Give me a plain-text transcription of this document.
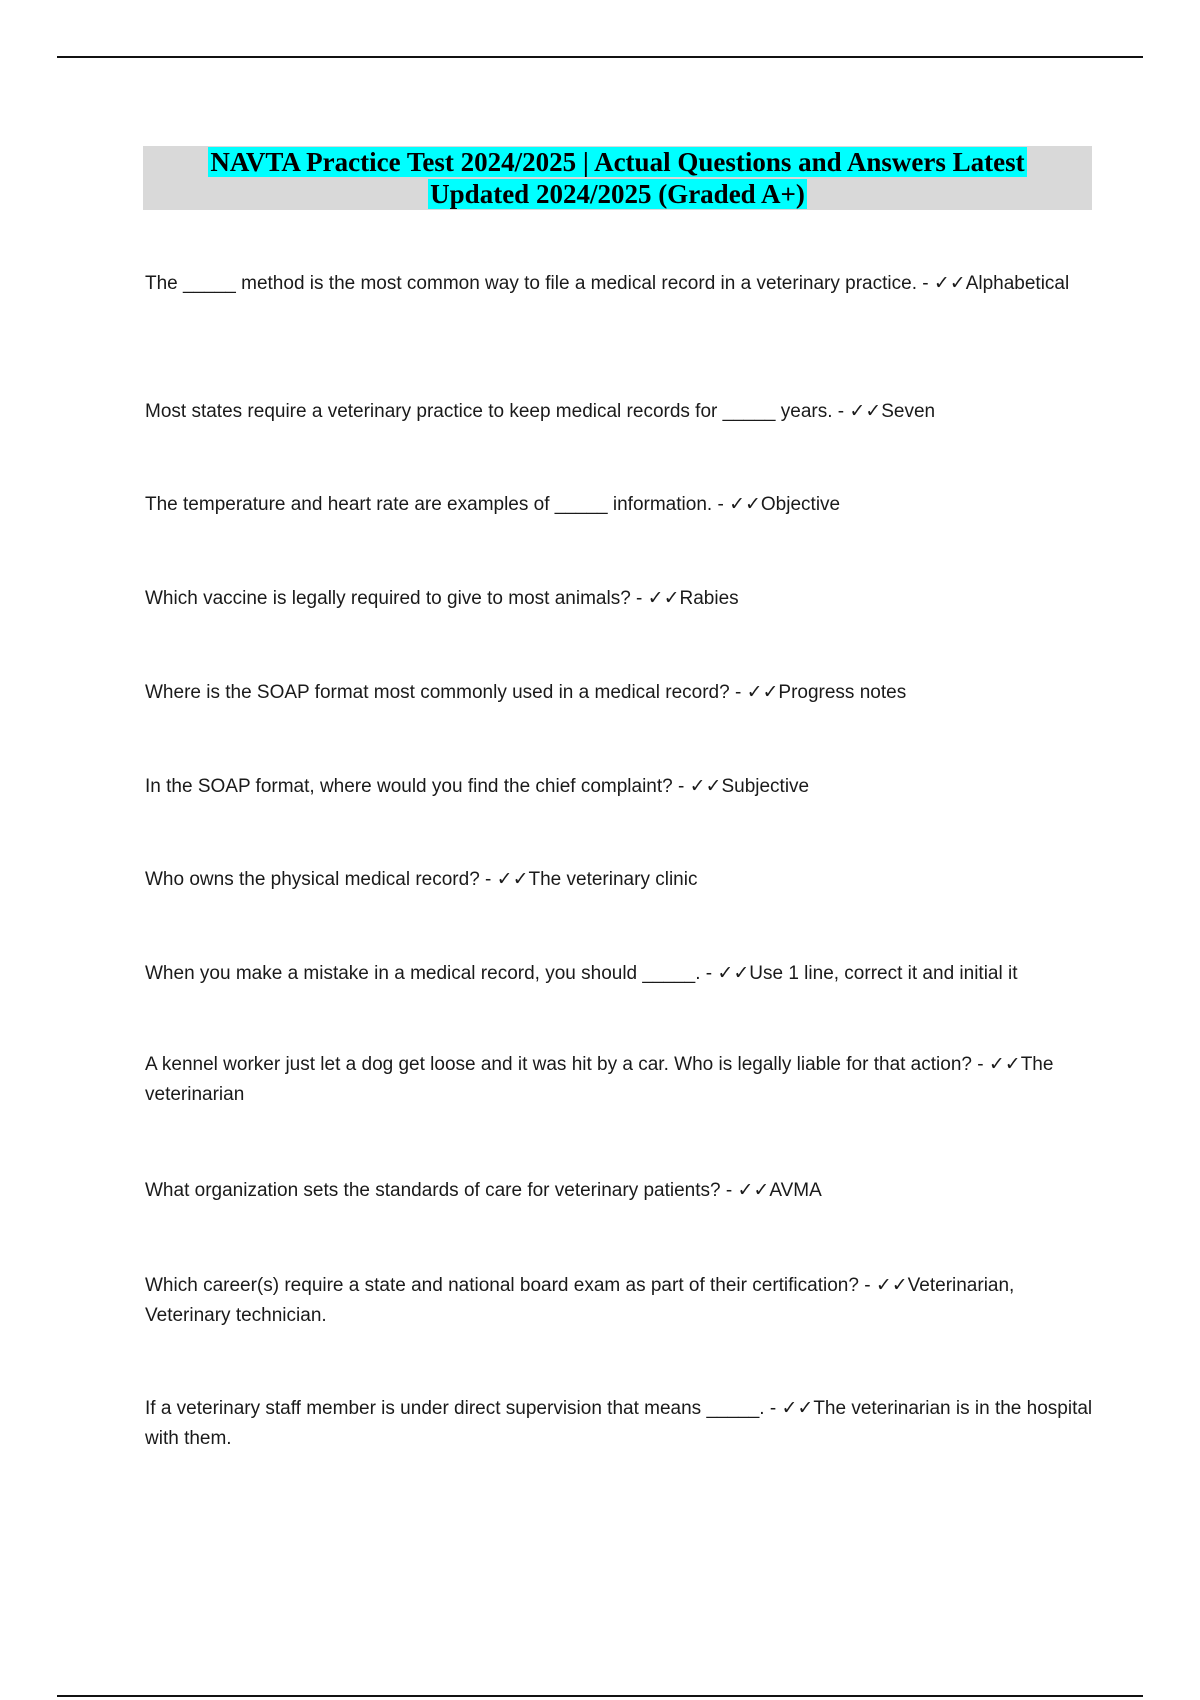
NAVTA Practice Test 2024/2025 | Actual Questions and Answers Latest
Updated 2024/2025 (Graded A+)

The _____ method is the most common way to file a medical record in a veterinary practice. - ✓✓Alphabetical

Most states require a veterinary practice to keep medical records for _____ years. - ✓✓Seven

The temperature and heart rate are examples of _____ information. - ✓✓Objective

Which vaccine is legally required to give to most animals? - ✓✓Rabies

Where is the SOAP format most commonly used in a medical record? - ✓✓Progress notes

In the SOAP format, where would you find the chief complaint? - ✓✓Subjective

Who owns the physical medical record? - ✓✓The veterinary clinic

When you make a mistake in a medical record, you should _____. - ✓✓Use 1 line, correct it and initial it

A kennel worker just let a dog get loose and it was hit by a car. Who is legally liable for that action? - ✓✓The veterinarian

What organization sets the standards of care for veterinary patients? - ✓✓AVMA

Which career(s) require a state and national board exam as part of their certification? - ✓✓Veterinarian, Veterinary technician.

If a veterinary staff member is under direct supervision that means _____. - ✓✓The veterinarian is in the hospital with them.
